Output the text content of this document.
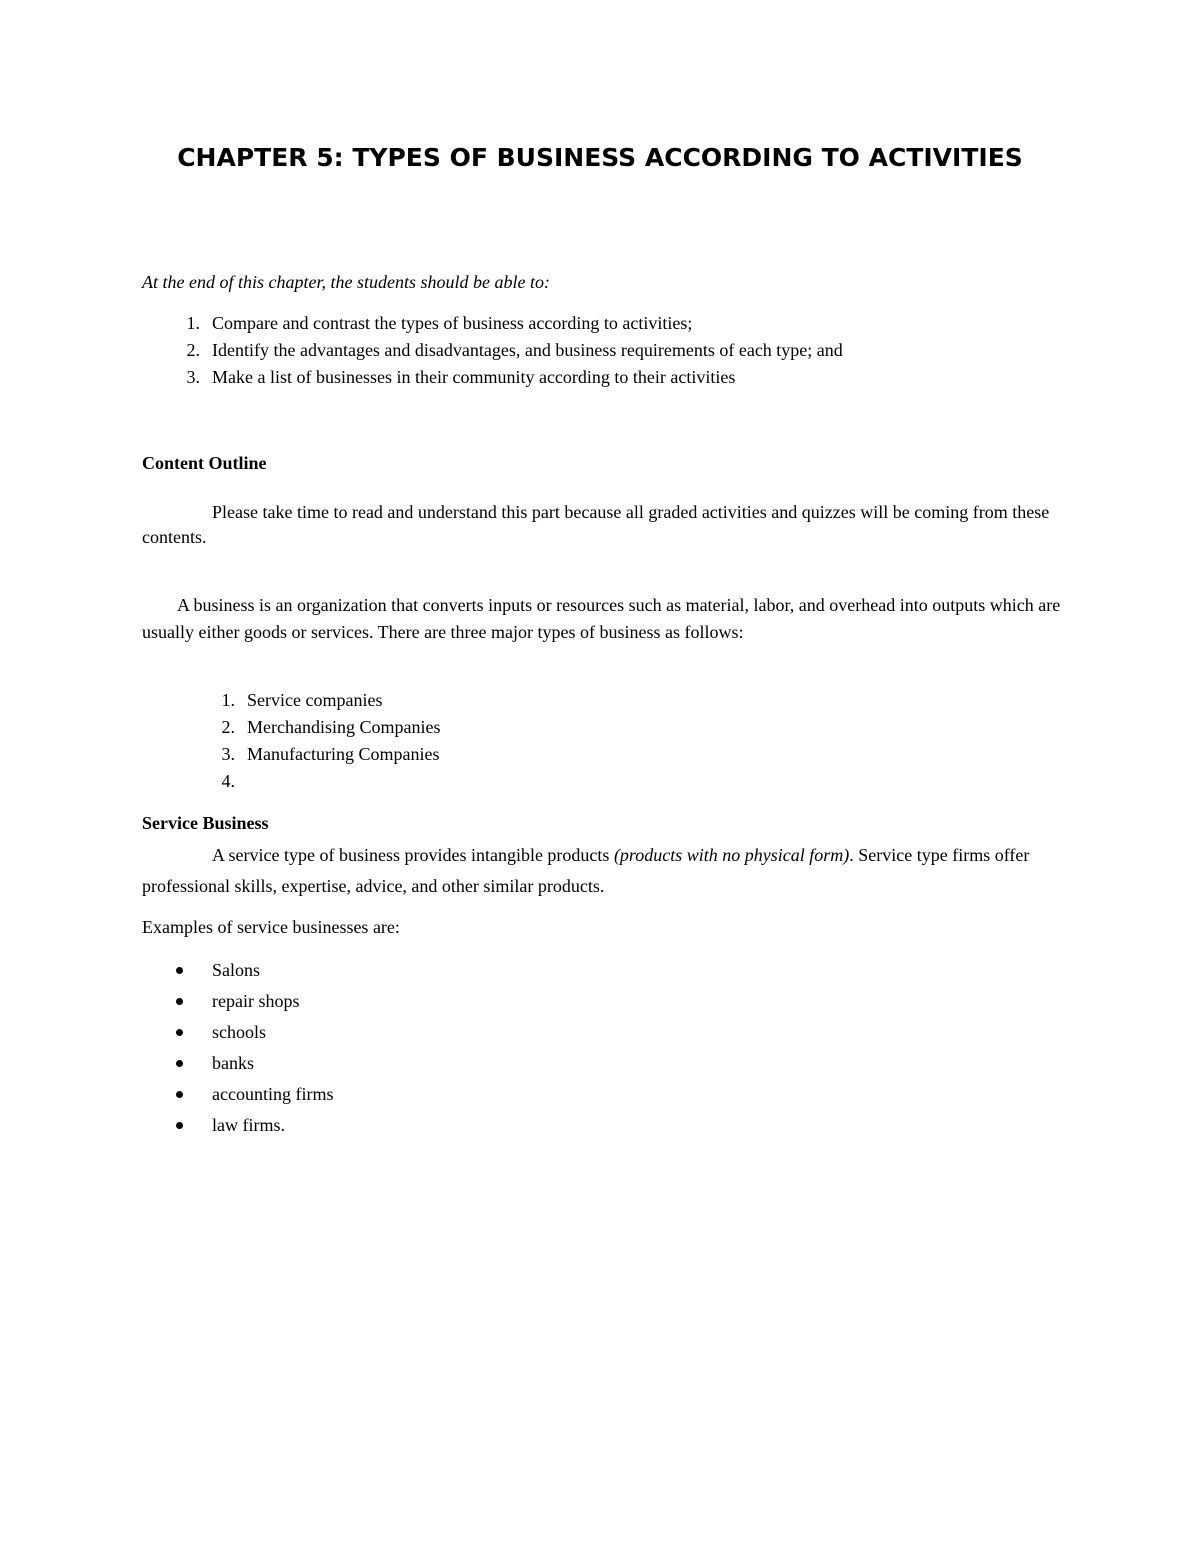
CHAPTER 5: TYPES OF BUSINESS ACCORDING TO ACTIVITIES

At the end of this chapter, the students should be able to:

1. Compare and contrast the types of business according to activities;
2. Identify the advantages and disadvantages, and business requirements of each type; and
3. Make a list of businesses in their community according to their activities
Content Outline

Please take time to read and understand this part because all graded activities and quizzes will be coming from these contents.

A business is an organization that converts inputs or resources such as material, labor, and overhead into outputs which are usually either goods or services. There are three major types of business as follows:

1. Service companies
2. Merchandising Companies
3. Manufacturing Companies
4.
Service Business

A service type of business provides intangible products (products with no physical form). Service type firms offer professional skills, expertise, advice, and other similar products.

Examples of service businesses are:

Salons
repair shops
schools
banks
accounting firms
law firms.
